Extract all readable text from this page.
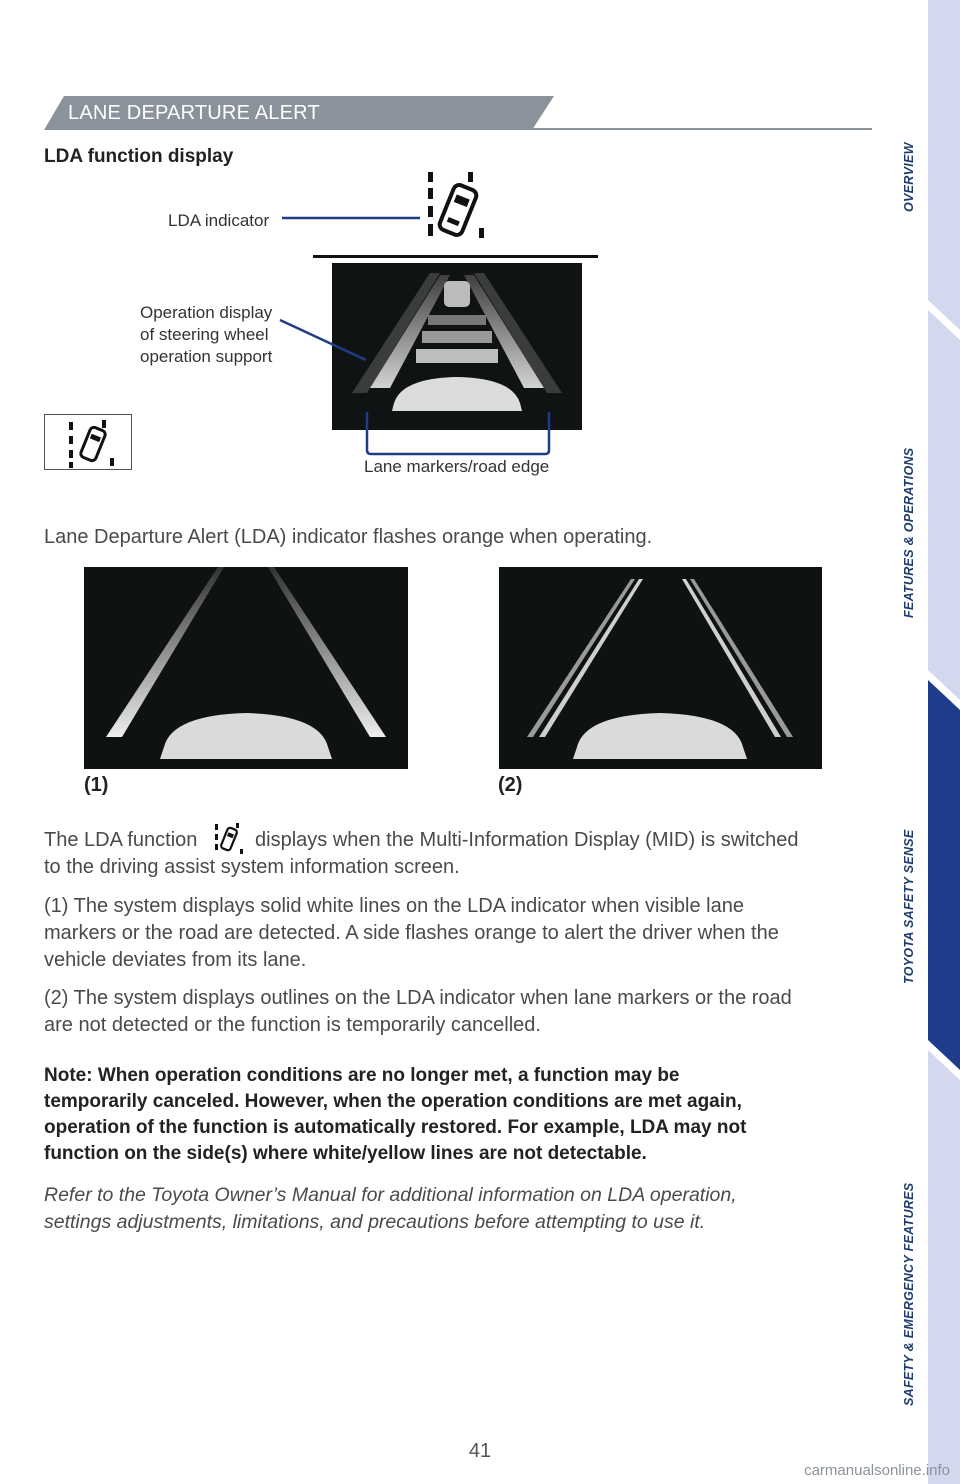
LANE DEPARTURE ALERT
LDA function display
LDA indicator
Operation display
of steering wheel
operation support
Lane markers/road edge
Lane Departure Alert (LDA) indicator flashes orange when operating.
(1)	(2)
The LDA function	displays when the Multi-Information Display (MID) is switched
to the driving assist system information screen.
(1) The system displays solid white lines on the LDA indicator when visible lane
markers or the road are detected. A side flashes orange to alert the driver when the
vehicle deviates from its lane.
(2) The system displays outlines on the LDA indicator when lane markers or the road
are not detected or the function is temporarily cancelled.
Note: When operation conditions are no longer met, a function may be
temporarily canceled. However, when the operation conditions are met again,
operation of the function is automatically restored. For example, LDA may not
function on the side(s) where white/yellow lines are not detectable.
Refer to the Toyota Owner’s Manual for additional information on LDA operation,
settings adjustments, limitations, and precautions before attempting to use it.
OVERVIEW
FEATURES & OPERATIONS
TOYOTA SAFETY SENSE
SAFETY & EMERGENCY FEATURES
41
carmanualsonline.info
